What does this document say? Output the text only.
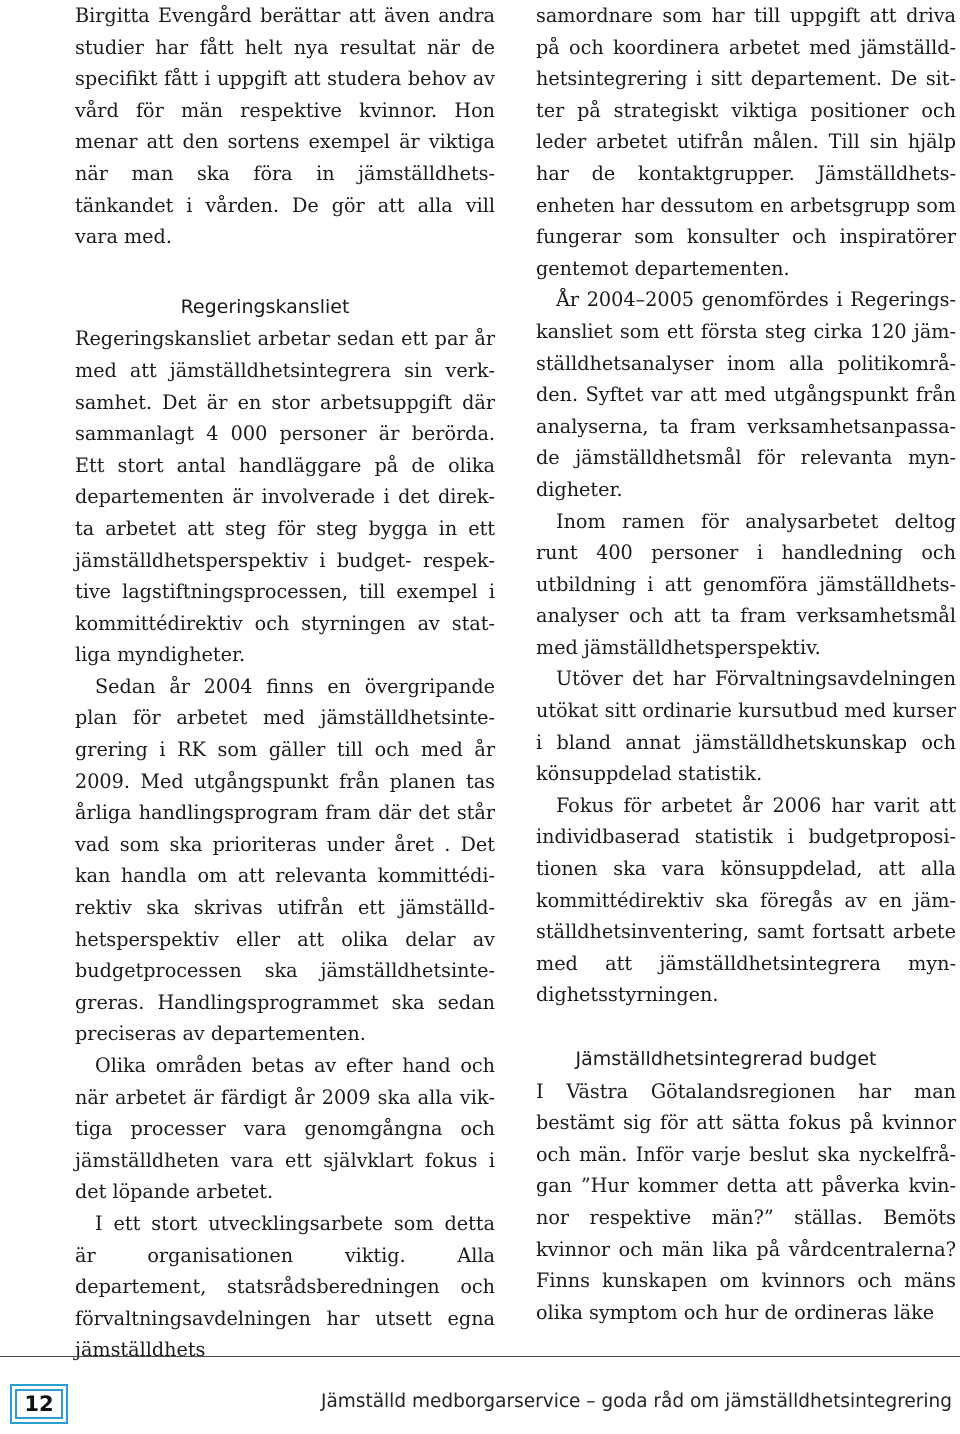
Birgitta Evengård berättar att även andra studier har fått helt nya resultat när de specifikt fått i uppgift att studera behov av vård för män respektive kvinnor. Hon menar att den sortens exempel är viktiga när man ska föra in jämställdhetstänkandet i vården. De gör att alla vill vara med.

Regeringskansliet

Regeringskansliet arbetar sedan ett par år med att jämställdhetsintegrera sin verksamhet. Det är en stor arbetsuppgift där sammanlagt 4 000 personer är berörda. Ett stort antal handläggare på de olika departementen är involverade i det direkta arbetet att steg för steg bygga in ett jämställdhetsperspektiv i budget- respektive lagstiftningsprocessen, till exempel i kommittédirektiv och styrningen av statliga myndigheter.

Sedan år 2004 finns en övergripande plan för arbetet med jämställdhetsintegrering i RK som gäller till och med år 2009. Med utgångspunkt från planen tas årliga handlingsprogram fram där det står vad som ska prioriteras under året . Det kan handla om att relevanta kommittédirektiv ska skrivas utifrån ett jämställdhetsperspektiv eller att olika delar av budgetprocessen ska jämställdhetsintegreras. Handlingsprogrammet ska sedan preciseras av departementen.

Olika områden betas av efter hand och när arbetet är färdigt år 2009 ska alla viktiga processer vara genomgångna och jämställdheten vara ett självklart fokus i det löpande arbetet.

I ett stort utvecklingsarbete som detta är organisationen viktig. Alla departement, statsrådsberedningen och förvaltningsavdelningen har utsett egna jämställdhets

samordnare som har till uppgift att driva på och koordinera arbetet med jämställdhetsintegrering i sitt departement. De sitter på strategiskt viktiga positioner och leder arbetet utifrån målen. Till sin hjälp har de kontaktgrupper. Jämställdhetsenheten har dessutom en arbetsgrupp som fungerar som konsulter och inspiratörer gentemot departementen.

År 2004–2005 genomfördes i Regeringskansliet som ett första steg cirka 120 jämställdhetsanalyser inom alla politikområden. Syftet var att med utgångspunkt från analyserna, ta fram verksamhetsanpassade jämställdhetsmål för relevanta myndigheter.

Inom ramen för analysarbetet deltog runt 400 personer i handledning och utbildning i att genomföra jämställdhetsanalyser och att ta fram verksamhetsmål med jämställdhetsperspektiv.

Utöver det har Förvaltningsavdelningen utökat sitt ordinarie kursutbud med kurser i bland annat jämställdhetskunskap och könsuppdelad statistik.

Fokus för arbetet år 2006 har varit att individbaserad statistik i budgetpropositionen ska vara könsuppdelad, att alla kommittédirektiv ska föregås av en jämställdhetsinventering, samt fortsatt arbete med att jämställdhetsintegrera myndighetsstyrningen.

Jämställdhetsintegrerad budget

I Västra Götalandsregionen har man bestämt sig för att sätta fokus på kvinnor och män. Inför varje beslut ska nyckelfrågan ”Hur kommer detta att påverka kvinnor respektive män?” ställas. Bemöts kvinnor och män lika på vårdcentralerna? Finns kunskapen om kvinnors och mäns olika symptom och hur de ordineras läke

12	Jämställd medborgarservice – goda råd om jämställdhetsintegrering
